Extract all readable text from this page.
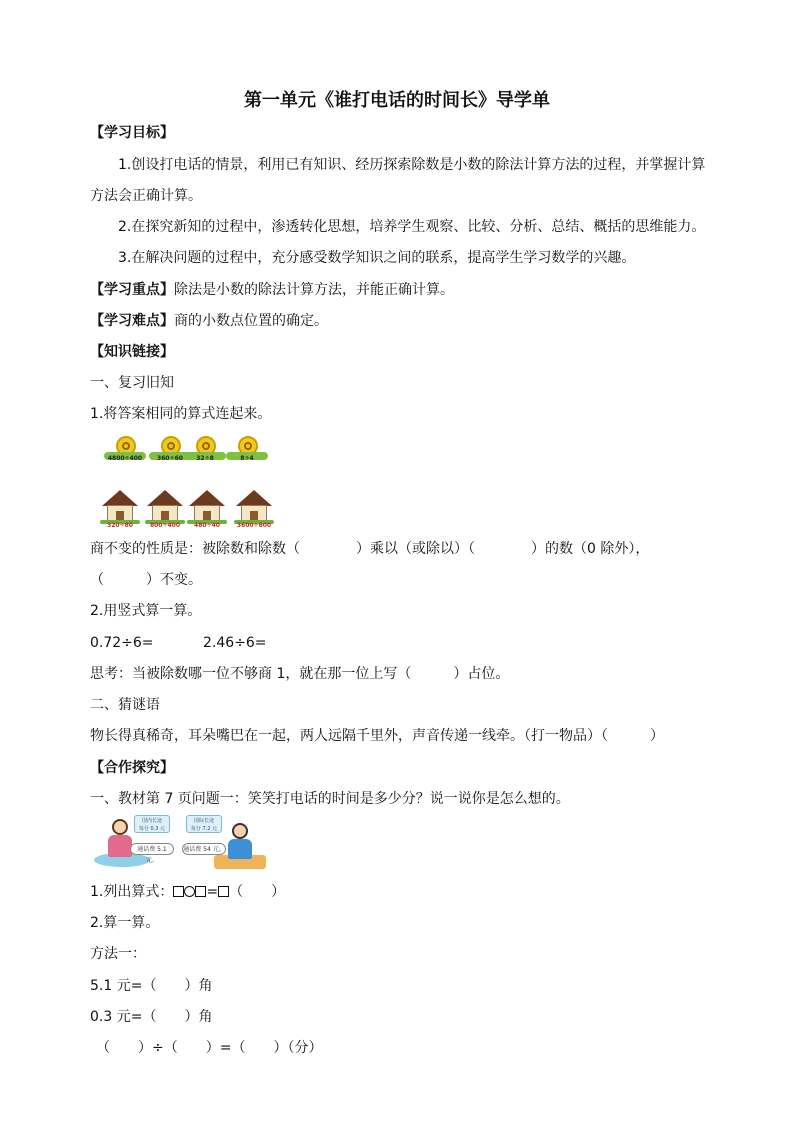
第一单元《谁打电话的时间长》导学单
【学习目标】
1.创设打电话的情景，利用已有知识、经历探索除数是小数的除法计算方法的过程，并掌握计算
方法会正确计算。
2.在探究新知的过程中，渗透转化思想，培养学生观察、比较、分析、总结、概括的思维能力。
3.在解决问题的过程中，充分感受数学知识之间的联系，提高学生学习数学的兴趣。
【学习重点】除法是小数的除法计算方法，并能正确计算。
【学习难点】商的小数点位置的确定。
【知识链接】
一、复习旧知
1.将答案相同的算式连起来。
4800÷400	360÷60	32÷8	8÷4
320÷80	800÷400	480÷40	3600÷600
商不变的性质是：被除数和除数（　　　　）乘以（或除以）（　　　　）的数（0 除外），
（　　　）不变。
2.用竖式算一算。
0.72÷6=	2.46÷6=
思考：当被除数哪一位不够商 1，就在那一位上写（　　　）占位。
二、猜谜语
物长得真稀奇，耳朵嘴巴在一起，两人远隔千里外，声音传递一线牵。（打一物品）（　　　）
【合作探究】
一、教材第 7 页问题一：笑笑打电话的时间是多少分？说一说你是怎么想的。
国内长途
每分 0.3 元
国际长途
每分 7.2 元
通话费 5.1 元。
通话费 54 元。
1.列出算式： = （　　）
2.算一算。
方法一：
5.1 元=（　　）角
0.3 元=（　　）角
（　　）÷（　　）=（　　）（分）
